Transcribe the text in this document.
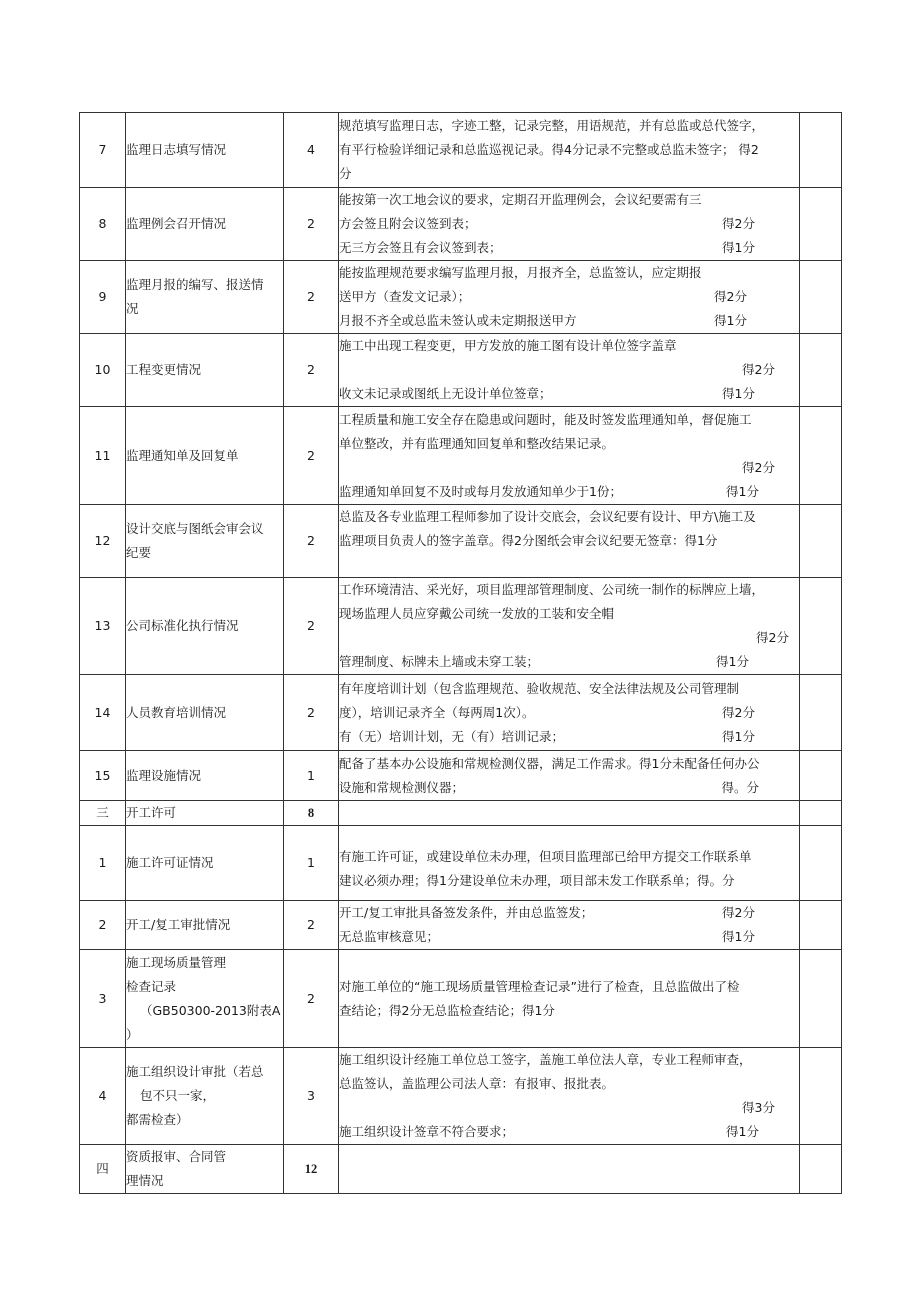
7	监理日志填写情况	4	规范填写监理日志，字迹工整，记录完整，用语规范，并有总监或总代签字，
有平行检验详细记录和总监巡视记录。得4分记录不完整或总监未签字； 得2
分	

8	监理例会召开情况	2	能按第一次工地会议的要求，定期召开监理例会，会议纪要需有三
方会签且附会议签到表； 得2分
无三方会签且有会议签到表； 得1分	

9	监理月报的编写、报送情
况	2	能按监理规范要求编写监理月报，月报齐全，总监签认，应定期报
送甲方（查发文记录）； 得2分
月报不齐全或总监未签认或未定期报送甲方 得1分	

10	工程变更情况	2	施工中出现工程变更，甲方发放的施工图有设计单位签字盖章
得2分
收文未记录或图纸上无设计单位签章； 得1分	

11	监理通知单及回复单	2	工程质量和施工安全存在隐患或问题时，能及时签发监理通知单，督促施工
单位整改，并有监理通知回复单和整改结果记录。
得2分
监理通知单回复不及时或每月发放通知单少于1份； 得1分	

12	设计交底与图纸会审会议
纪要	2	总监及各专业监理工程师参加了设计交底会，会议纪要有设计、甲方\施工及
监理项目负责人的签字盖章。得2分图纸会审会议纪要无签章：得1分	

13	公司标准化执行情况	2	工作环境清洁、采光好，项目监理部管理制度、公司统一制作的标牌应上墙，
现场监理人员应穿戴公司统一发放的工装和安全帽
得2分
管理制度、标牌未上墙或未穿工装； 得1分	

14	人员教育培训情况	2	有年度培训计划（包含监理规范、验收规范、安全法律法规及公司管理制
度），培训记录齐全（每两周1次）。 得2分
有（无）培训计划，无（有）培训记录； 得1分	

15	监理设施情况	1	配备了基本办公设施和常规检测仪器，满足工作需求。得1分未配备任何办公
设施和常规检测仪器； 得。分	

三	开工许可	8		
1	施工许可证情况	1	有施工许可证，或建设单位未办理，但项目监理部已给甲方提交工作联系单
建议必须办理；得1分建设单位未办理，项目部未发工作联系单；得。分	

2	开工/复工审批情况	2	开工/复工审批具备签发条件，并由总监签发； 得2分
无总监审核意见； 得1分	

3	施工现场质量管理
检查记录
（GB50300-2013附表A
）	2	对施工单位的“施工现场质量管理检查记录”进行了检查，且总监做出了检
查结论；得2分无总监检查结论；得1分	

4	施工组织设计审批（若总
包不只一家，
都需检查）	3	施工组织设计经施工单位总工签字，盖施工单位法人章，专业工程师审查，
总监签认，盖监理公司法人章：有报审、报批表。
得3分
施工组织设计签章不符合要求； 得1分	

四	资质报审、合同管
理情况	12		
